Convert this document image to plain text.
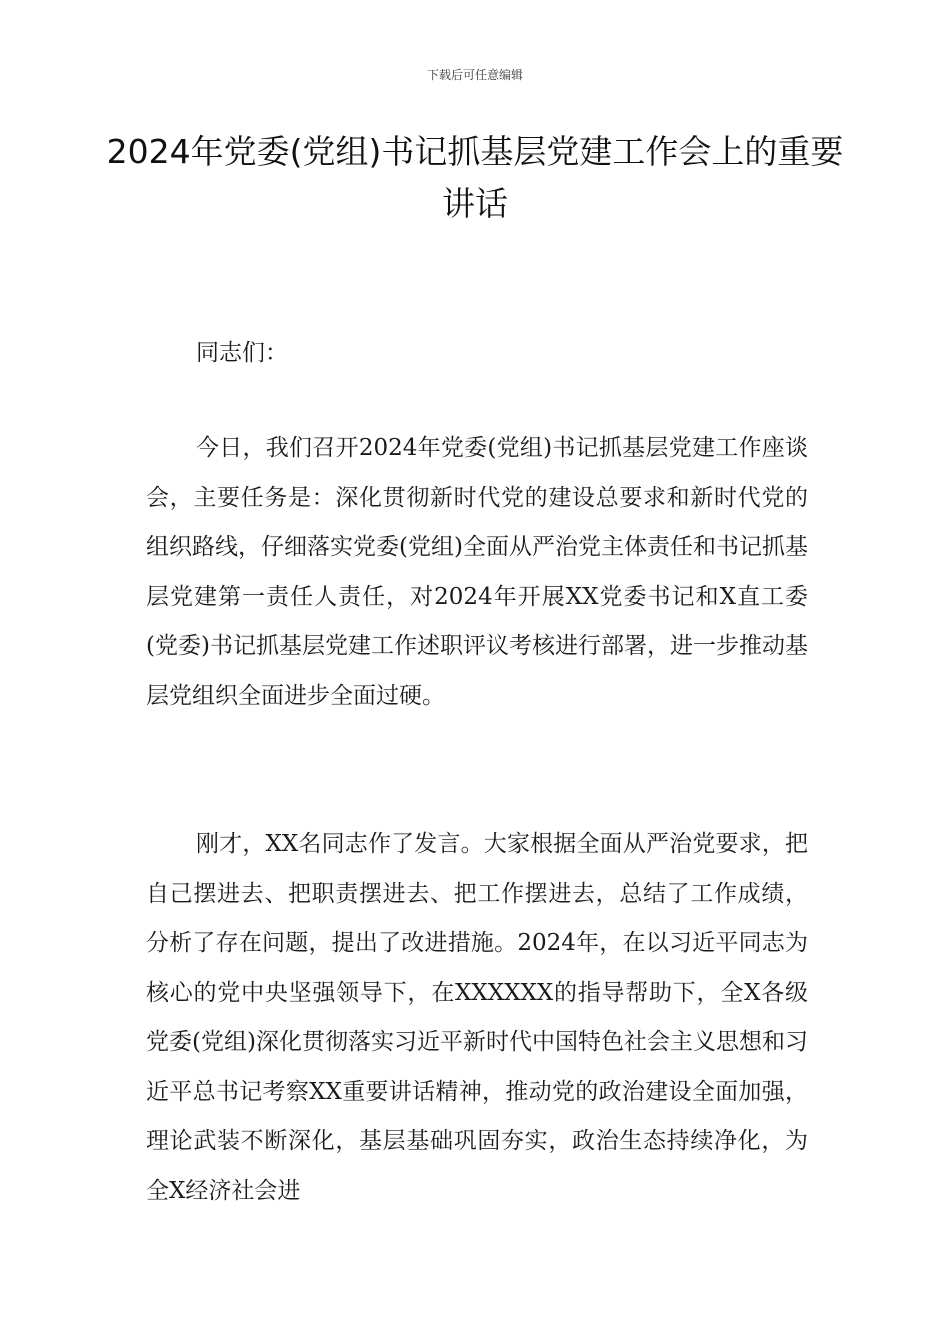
下载后可任意编辑
2024年党委(党组)书记抓基层党建工作会上的重要讲话

同志们：

今日，我们召开2024年党委(党组)书记抓基层党建工作座谈会，主要任务是：深化贯彻新时代党的建设总要求和新时代党的组织路线，仔细落实党委(党组)全面从严治党主体责任和书记抓基层党建第一责任人责任，对2024年开展XX党委书记和X直工委(党委)书记抓基层党建工作述职评议考核进行部署，进一步推动基层党组织全面进步全面过硬。

刚才，XX名同志作了发言。大家根据全面从严治党要求，把自己摆进去、把职责摆进去、把工作摆进去，总结了工作成绩，分析了存在问题，提出了改进措施。2024年，在以习近平同志为核心的党中央坚强领导下，在XXXXXX的指导帮助下，全X各级党委(党组)深化贯彻落实习近平新时代中国特色社会主义思想和习近平总书记考察XX重要讲话精神，推动党的政治建设全面加强，理论武装不断深化，基层基础巩固夯实，政治生态持续净化，为全X经济社会进
